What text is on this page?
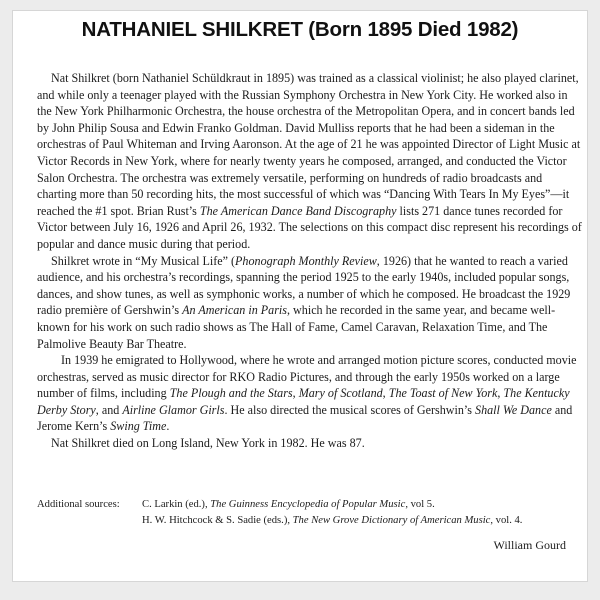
NATHANIEL SHILKRET (Born 1895 Died 1982)

Nat Shilkret (born Nathaniel Schüldkraut in 1895) was trained as a classical violinist; he also played clarinet, and while only a teenager played with the Russian Symphony Orchestra in New York City. He worked also in the New York Philharmonic Orchestra, the house orchestra of the Metropolitan Opera, and in concert bands led by John Philip Sousa and Edwin Franko Goldman. David Mulliss reports that he had been a sideman in the orchestras of Paul Whiteman and Irving Aaronson. At the age of 21 he was appointed Director of Light Music at Victor Records in New York, where for nearly twenty years he composed, arranged, and conducted the Victor Salon Orchestra. The orchestra was extremely versatile, performing on hundreds of radio broadcasts and charting more than 50 recording hits, the most successful of which was “Dancing With Tears In My Eyes”—it reached the #1 spot. Brian Rust’s The American Dance Band Discography lists 271 dance tunes recorded for Victor between July 16, 1926 and April 26, 1932. The selections on this compact disc represent his recordings of popular and dance music during that period.

Shilkret wrote in “My Musical Life” (Phonograph Monthly Review, 1926) that he wanted to reach a varied audience, and his orchestra’s recordings, spanning the period 1925 to the early 1940s, included popular songs, dances, and show tunes, as well as symphonic works, a number of which he composed. He broadcast the 1929 radio première of Gershwin’s An American in Paris, which he recorded in the same year, and became well-known for his work on such radio shows as The Hall of Fame, Camel Caravan, Relaxation Time, and The Palmolive Beauty Bar Theatre.

In 1939 he emigrated to Hollywood, where he wrote and arranged motion picture scores, conducted movie orchestras, served as music director for RKO Radio Pictures, and through the early 1950s worked on a large number of films, including The Plough and the Stars, Mary of Scotland, The Toast of New York, The Kentucky Derby Story, and Airline Glamor Girls. He also directed the musical scores of Gershwin’s Shall We Dance and Jerome Kern’s Swing Time.

Nat Shilkret died on Long Island, New York in 1982. He was 87.

Additional sources: C. Larkin (ed.), The Guinness Encyclopedia of Popular Music, vol 5.
H. W. Hitchcock & S. Sadie (eds.), The New Grove Dictionary of American Music, vol. 4.
William Gourd
